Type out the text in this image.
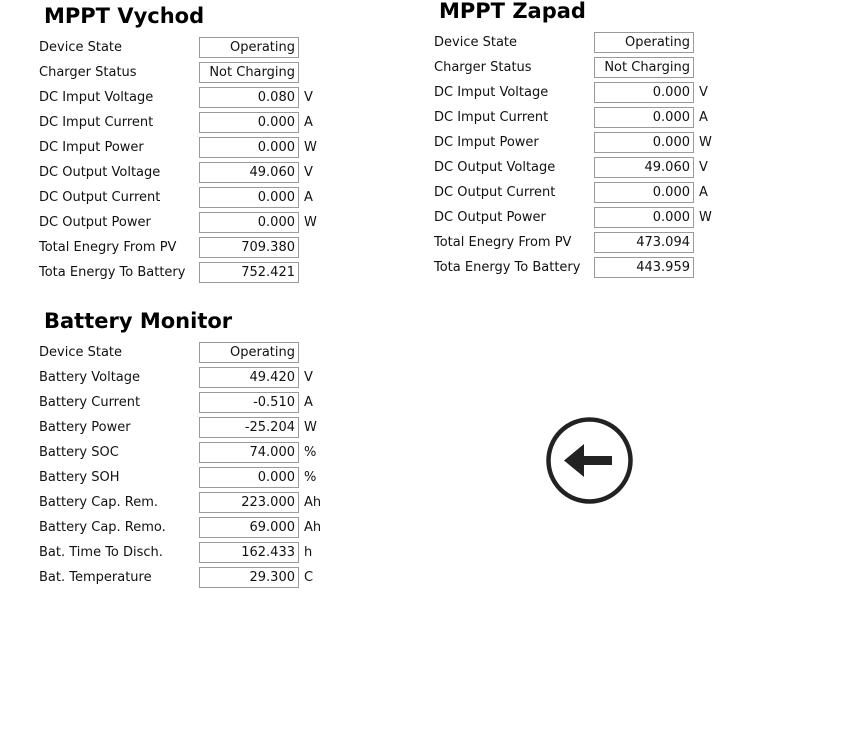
MPPT Vychod
Device State	Operating
Charger Status	Not Charging
DC Imput Voltage	0.080 V
DC Imput Current	0.000 A
DC Imput Power	0.000 W
DC Output Voltage	49.060 V
DC Output Current	0.000 A
DC Output Power	0.000 W
Total Enegry From PV	709.380
Tota Energy To Battery	752.421
MPPT Zapad
Device State	Operating
Charger Status	Not Charging
DC Imput Voltage	0.000 V
DC Imput Current	0.000 A
DC Imput Power	0.000 W
DC Output Voltage	49.060 V
DC Output Current	0.000 A
DC Output Power	0.000 W
Total Enegry From PV	473.094
Tota Energy To Battery	443.959
Battery Monitor
Device State	Operating
Battery Voltage	49.420 V
Battery Current	-0.510 A
Battery Power	-25.204 W
Battery SOC	74.000 %
Battery SOH	0.000 %
Battery Cap. Rem.	223.000 Ah
Battery Cap. Remo.	69.000 Ah
Bat. Time To Disch.	162.433 h
Bat. Temperature	29.300 C
